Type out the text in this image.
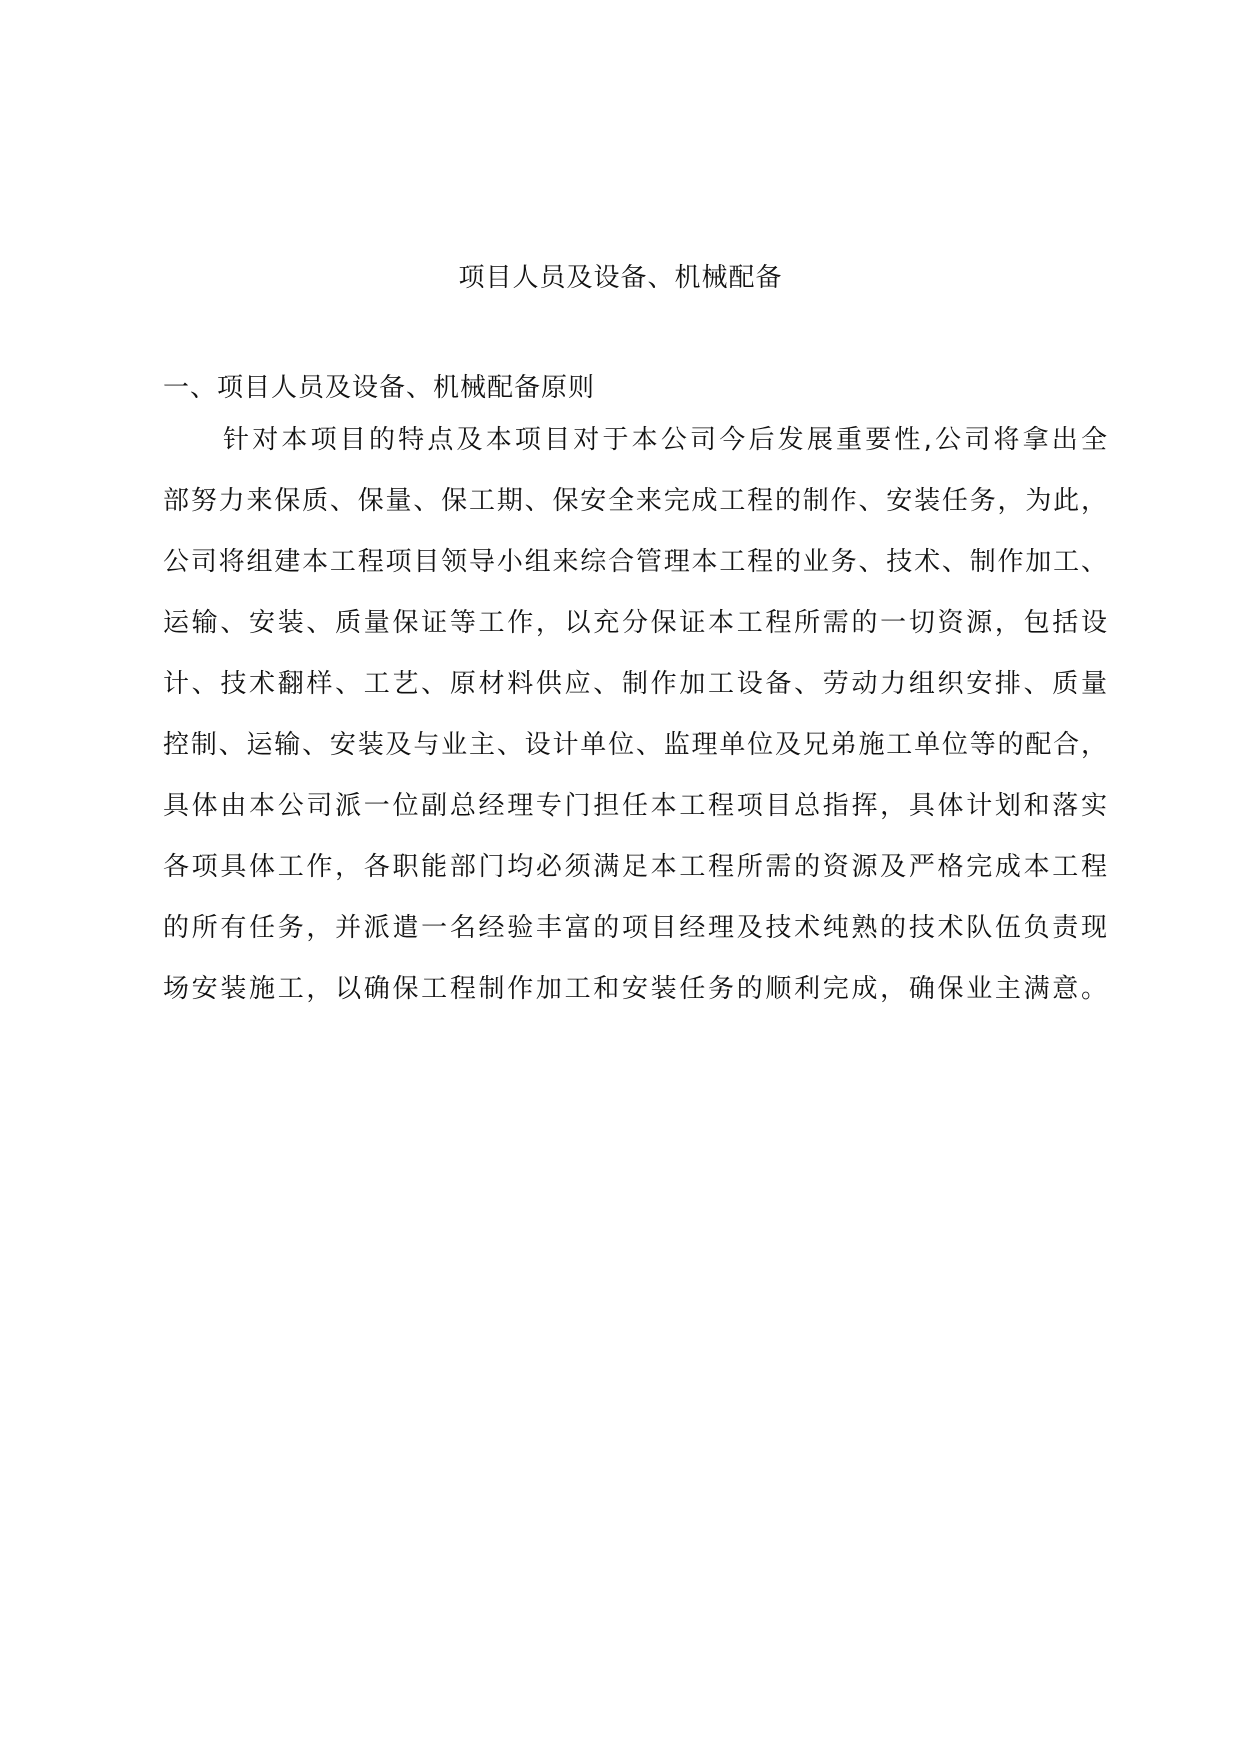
项目人员及设备、机械配备
一、项目人员及设备、机械配备原则
针对本项目的特点及本项目对于本公司今后发展重要性,公司将拿出全
部努力来保质、保量、保工期、保安全来完成工程的制作、安装任务，为此，
公司将组建本工程项目领导小组来综合管理本工程的业务、技术、制作加工、
运输、安装、质量保证等工作，以充分保证本工程所需的一切资源，包括设
计、技术翻样、工艺、原材料供应、制作加工设备、劳动力组织安排、质量
控制、运输、安装及与业主、设计单位、监理单位及兄弟施工单位等的配合，
具体由本公司派一位副总经理专门担任本工程项目总指挥，具体计划和落实
各项具体工作，各职能部门均必须满足本工程所需的资源及严格完成本工程
的所有任务，并派遣一名经验丰富的项目经理及技术纯熟的技术队伍负责现
场安装施工，以确保工程制作加工和安装任务的顺利完成，确保业主满意。
